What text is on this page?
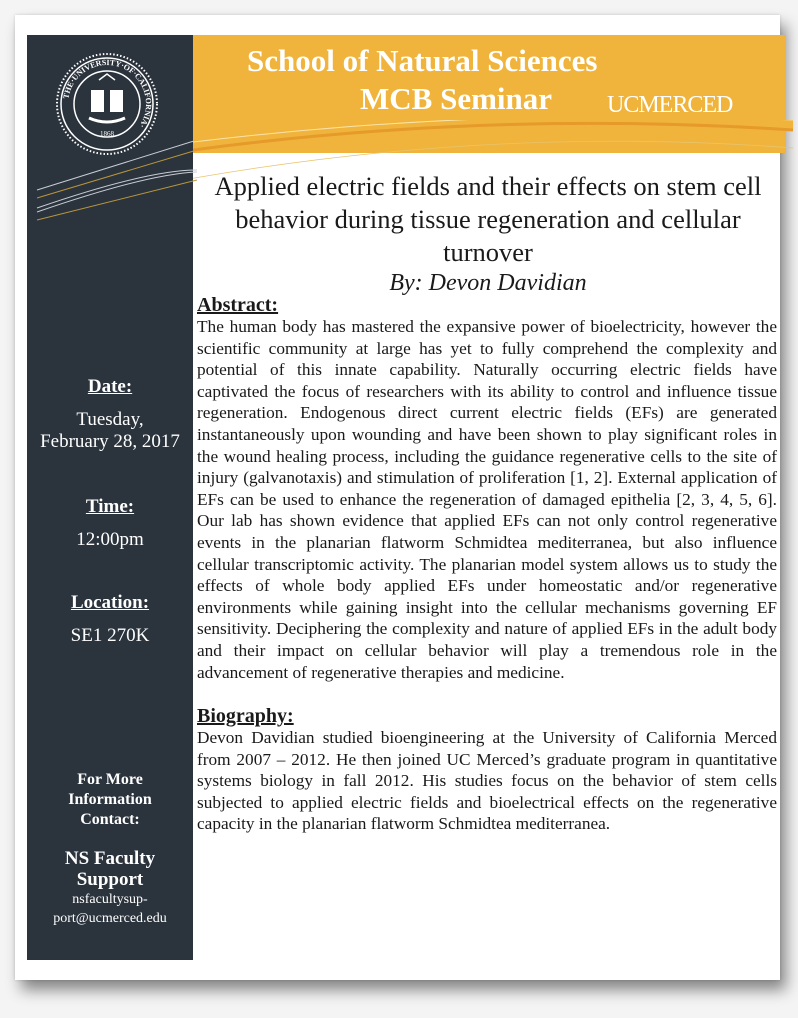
School of Natural Sciences
MCB Seminar UCMERCED
THE·UNIVERSITY·OF·CALIFORNIA·
1868
Applied electric fields and their effects on stem cell behavior during tissue regeneration and cellular turnover
By: Devon Davidian
Abstract:
The human body has mastered the expansive power of bioelectricity, however the scientific community at large has yet to fully comprehend the complexity and potential of this innate capability. Naturally occurring electric fields have captivated the focus of researchers with its ability to control and influence tissue regeneration. Endogenous direct current electric fields (EFs) are generated instantaneously upon wounding and have been shown to play significant roles in the wound healing process, including the guidance regenerative cells to the site of injury (galvanotaxis) and stimulation of proliferation [1, 2]. External application of EFs can be used to enhance the regeneration of damaged epithelia [2, 3, 4, 5, 6]. Our lab has shown evidence that applied EFs can not only control regenerative events in the planarian flatworm Schmidtea mediterranea, but also influence cellular transcriptomic activity. The planarian model system allows us to study the effects of whole body applied EFs under homeostatic and/or regenerative environments while gaining insight into the cellular mechanisms governing EF sensitivity. Deciphering the complexity and nature of applied EFs in the adult body and their impact on cellular behavior will play a tremendous role in the advancement of regenerative therapies and medicine.
Biography:
Devon Davidian studied bioengineering at the University of California Merced from 2007 – 2012. He then joined UC Merced’s graduate program in quantitative systems biology in fall 2012. His studies focus on the behavior of stem cells subjected to applied electric fields and bioelectrical effects on the regenerative capacity in the planarian flatworm Schmidtea mediterranea.
Date:
Tuesday,
February 28, 2017
Time:
12:00pm
Location:
SE1 270K
For More
Information
Contact:
NS Faculty
Support
nsfacultysup-
port@ucmerced.edu
